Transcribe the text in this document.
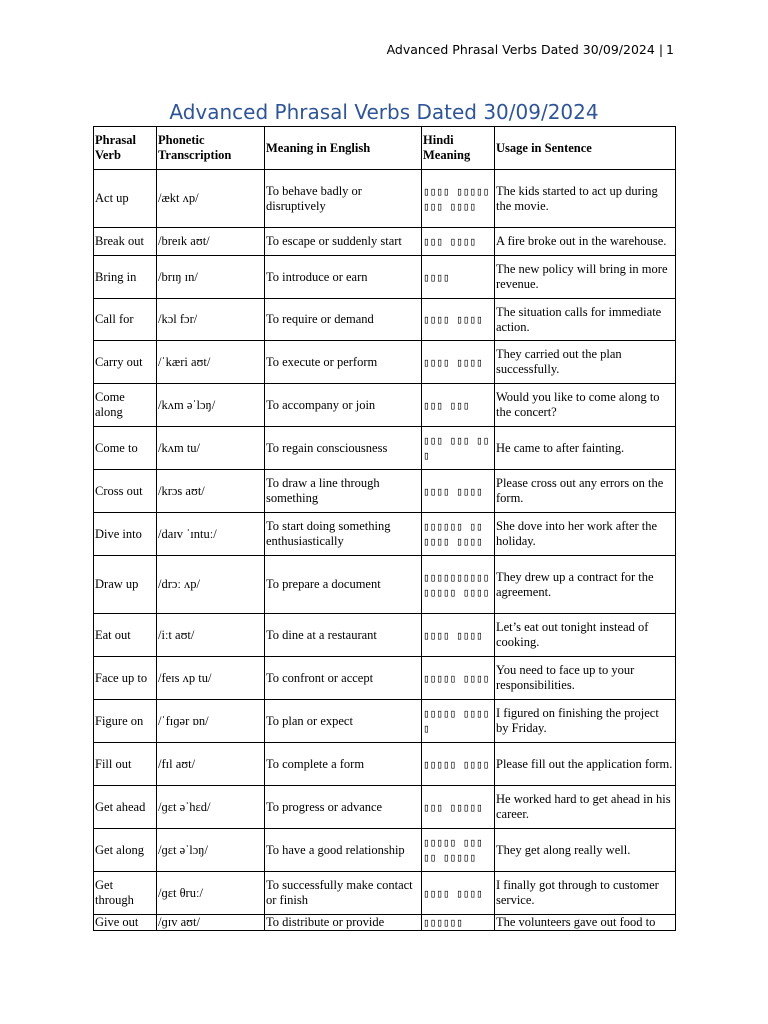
Advanced Phrasal Verbs Dated 30/09/2024 | 1
Advanced Phrasal Verbs Dated 30/09/2024
Phrasal Verb	Phonetic Transcription	Meaning in English	Hindi Meaning	Usage in Sentence
Act up	/ækt ʌp/	To behave badly or disruptively	▯▯▯▯ ▯▯▯▯▯▯▯▯ ▯▯▯▯	The kids started to act up during the movie.
Break out	/breɪk aʊt/	To escape or suddenly start	▯▯▯ ▯▯▯▯	A fire broke out in the warehouse.
Bring in	/brɪŋ ɪn/	To introduce or earn	▯▯▯▯	The new policy will bring in more revenue.
Call for	/kɔl fɔr/	To require or demand	▯▯▯▯ ▯▯▯▯	The situation calls for immediate action.
Carry out	/ˈkæri aʊt/	To execute or perform	▯▯▯▯ ▯▯▯▯	They carried out the plan successfully.
Come along	/kʌm əˈlɔŋ/	To accompany or join	▯▯▯ ▯▯▯	Would you like to come along to the concert?
Come to	/kʌm tu/	To regain consciousness	▯▯▯ ▯▯▯ ▯▯▯	He came to after fainting.
Cross out	/krɔs aʊt/	To draw a line through something	▯▯▯▯ ▯▯▯▯	Please cross out any errors on the form.
Dive into	/daɪv ˈɪntuː/	To start doing something enthusiastically	▯▯▯▯▯▯ ▯▯ ▯▯▯▯ ▯▯▯▯	She dove into her work after the holiday.
Draw up	/drɔː ʌp/	To prepare a document	▯▯▯▯▯▯▯▯▯▯ ▯▯▯▯▯ ▯▯▯▯	They drew up a contract for the agreement.
Eat out	/iːt aʊt/	To dine at a restaurant	▯▯▯▯ ▯▯▯▯	Let’s eat out tonight instead of cooking.
Face up to	/feɪs ʌp tu/	To confront or accept	▯▯▯▯▯ ▯▯▯▯	You need to face up to your responsibilities.
Figure on	/ˈfɪɡər ɒn/	To plan or expect	▯▯▯▯▯ ▯▯▯▯▯	I figured on finishing the project by Friday.
Fill out	/fɪl aʊt/	To complete a form	▯▯▯▯▯ ▯▯▯▯	Please fill out the application form.
Get ahead	/ɡɛt əˈhɛd/	To progress or advance	▯▯▯ ▯▯▯▯▯	He worked hard to get ahead in his career.
Get along	/ɡɛt əˈlɔŋ/	To have a good relationship	▯▯▯▯▯ ▯▯▯ ▯▯ ▯▯▯▯▯	They get along really well.
Get through	/ɡɛt θruː/	To successfully make contact or finish	▯▯▯▯ ▯▯▯▯	I finally got through to customer service.
Give out	/ɡɪv aʊt/	To distribute or provide	▯▯▯▯▯▯	The volunteers gave out food to
